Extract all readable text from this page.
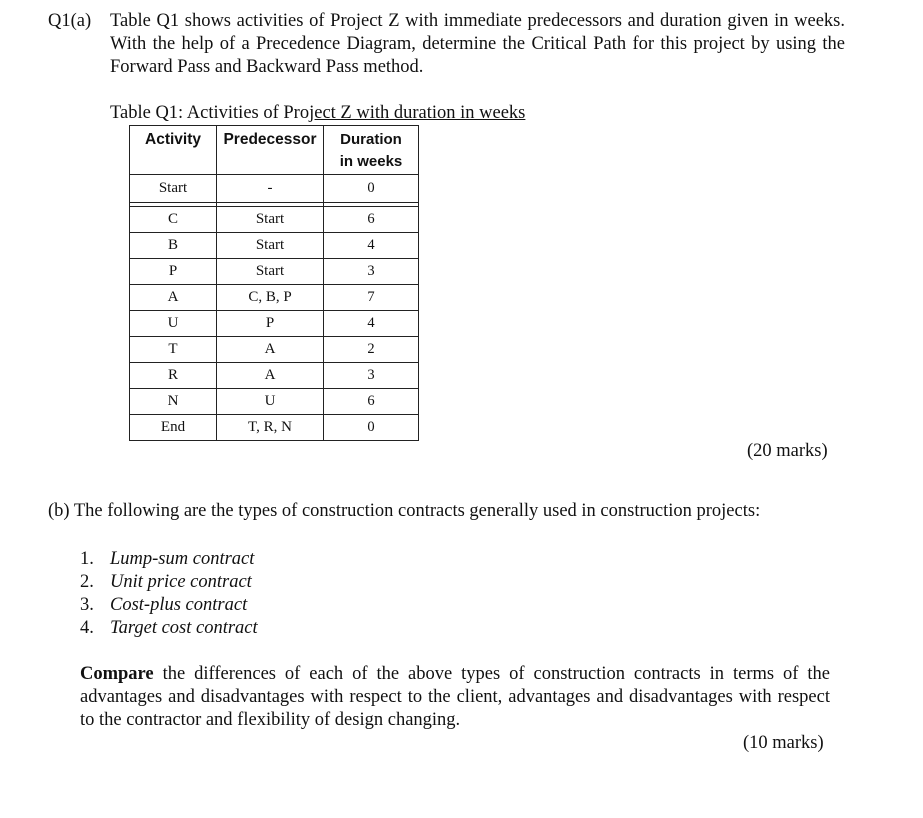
Q1(a) Table Q1 shows activities of Project Z with immediate predecessors and duration given in weeks. With the help of a Precedence Diagram, determine the Critical Path for this project by using the Forward Pass and Backward Pass method.
Table Q1: Activities of Project Z with duration in weeks
Activity	Predecessor	Duration
in weeks
Start	-	0

C	Start	6
B	Start	4
P	Start	3
A	C, B, P	7
U	P	4
T	A	2
R	A	3
N	U	6
End	T, R, N	0
(20 marks)
(b) The following are the types of construction contracts generally used in construction projects:
1. Lump-sum contract
2. Unit price contract
3. Cost-plus contract
4. Target cost contract
Compare the differences of each of the above types of construction contracts in terms of the advantages and disadvantages with respect to the client, advantages and disadvantages with respect to the contractor and flexibility of design changing.
(10 marks)
